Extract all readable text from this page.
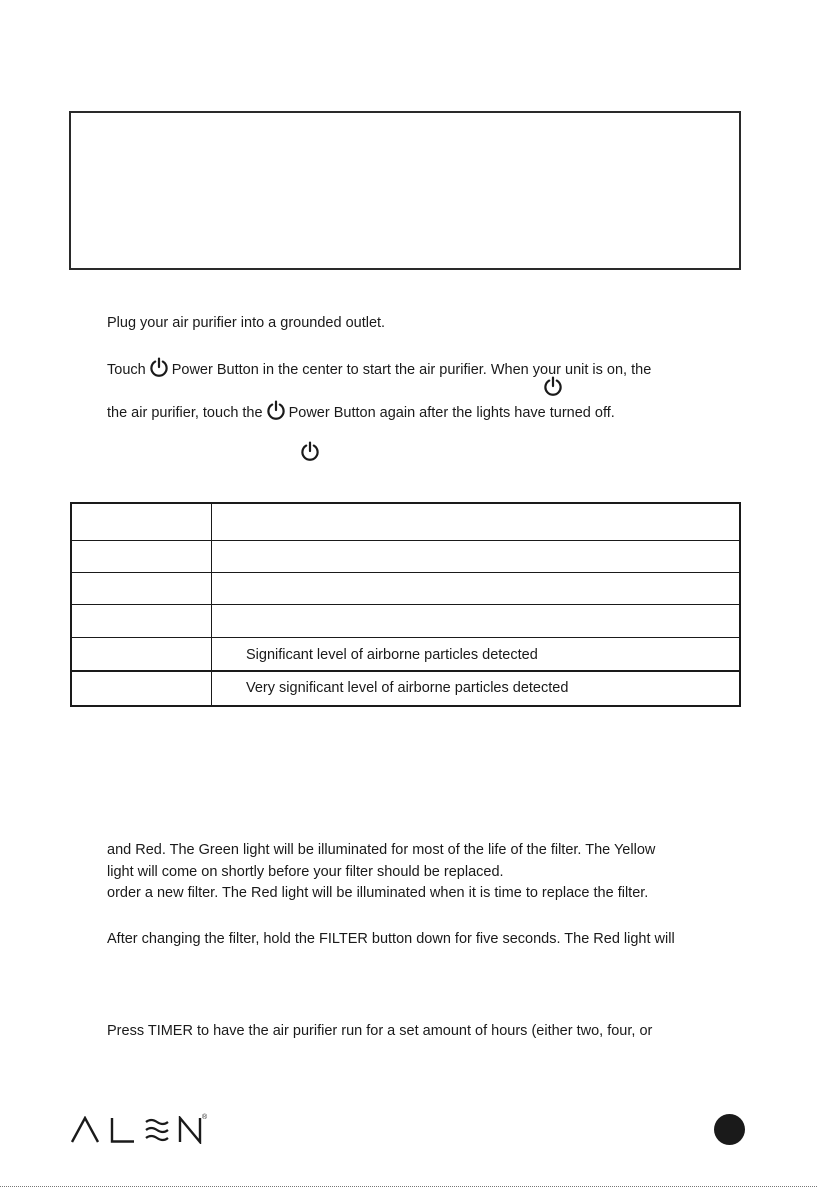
Plug your air purifier into a grounded outlet.
Touch Power Button in the center to start the air purifier. When your unit is on, the
the air purifier, touch the Power Button again after the lights have turned off.
Significant level of airborne particles detected
Very significant level of airborne particles detected
and Red. The Green light will be illuminated for most of the life of the filter. The Yellow
light will come on shortly before your filter should be replaced.
order a new filter. The Red light will be illuminated when it is time to replace the filter.
After changing the filter, hold the FILTER button down for five seconds. The Red light will
Press TIMER to have the air purifier run for a set amount of hours (either two, four, or
®
